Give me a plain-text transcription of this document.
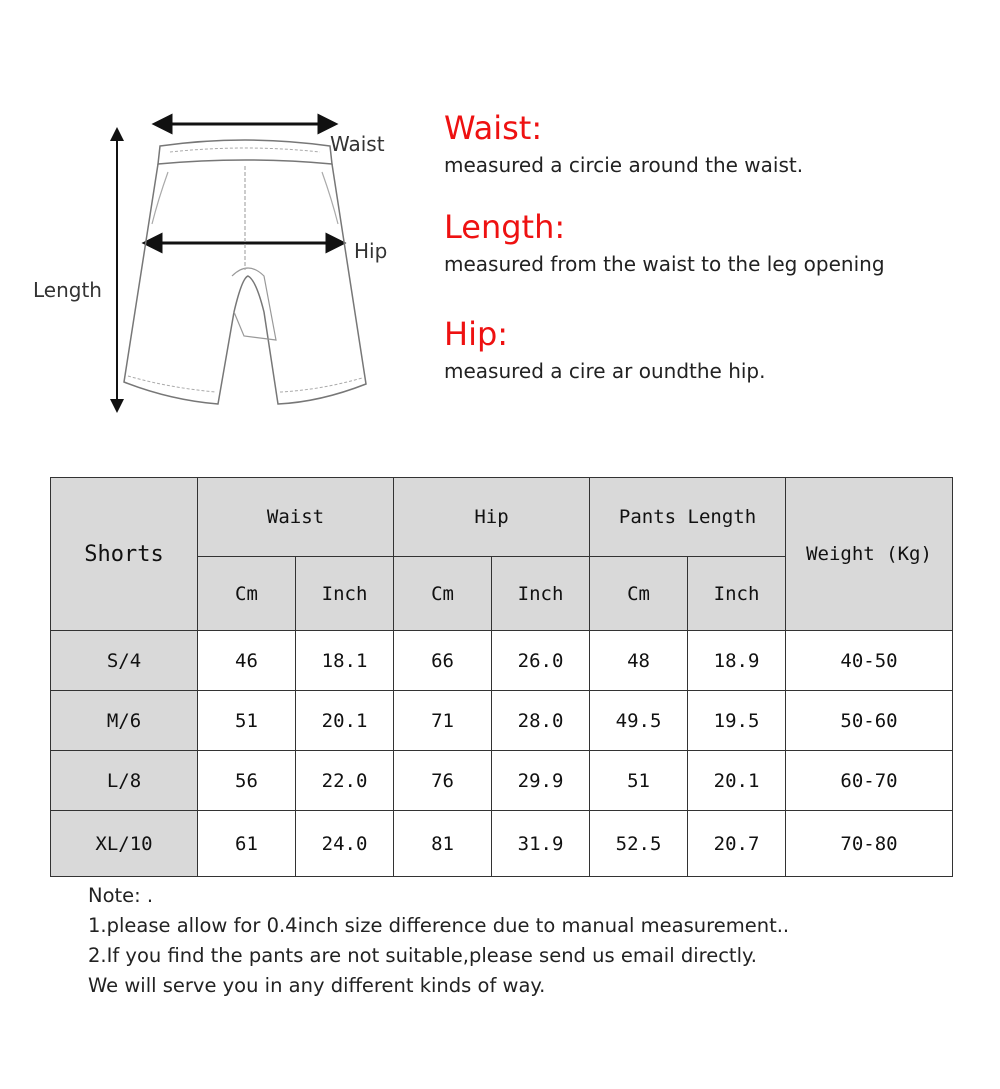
Waist
Hip
Length
Waist:
measured a circie around the waist.
Length:
measured from the waist to the leg opening
Hip:
measured a cire ar oundthe hip.
Shorts	Waist		Hip		Pants Length		Weight (Kg)
	Cm	Inch	Cm	Inch	Cm	Inch	
S/4	46	18.1	66	26.0	48	18.9	40-50
M/6	51	20.1	71	28.0	49.5	19.5	50-60
L/8	56	22.0	76	29.9	51	20.1	60-70
XL/10	61	24.0	81	31.9	52.5	20.7	70-80
Note: .
1.please allow for 0.4inch size difference due to manual measurement..
2.If you find the pants are not suitable,please send us email directly.
We will serve you in any different kinds of way.
